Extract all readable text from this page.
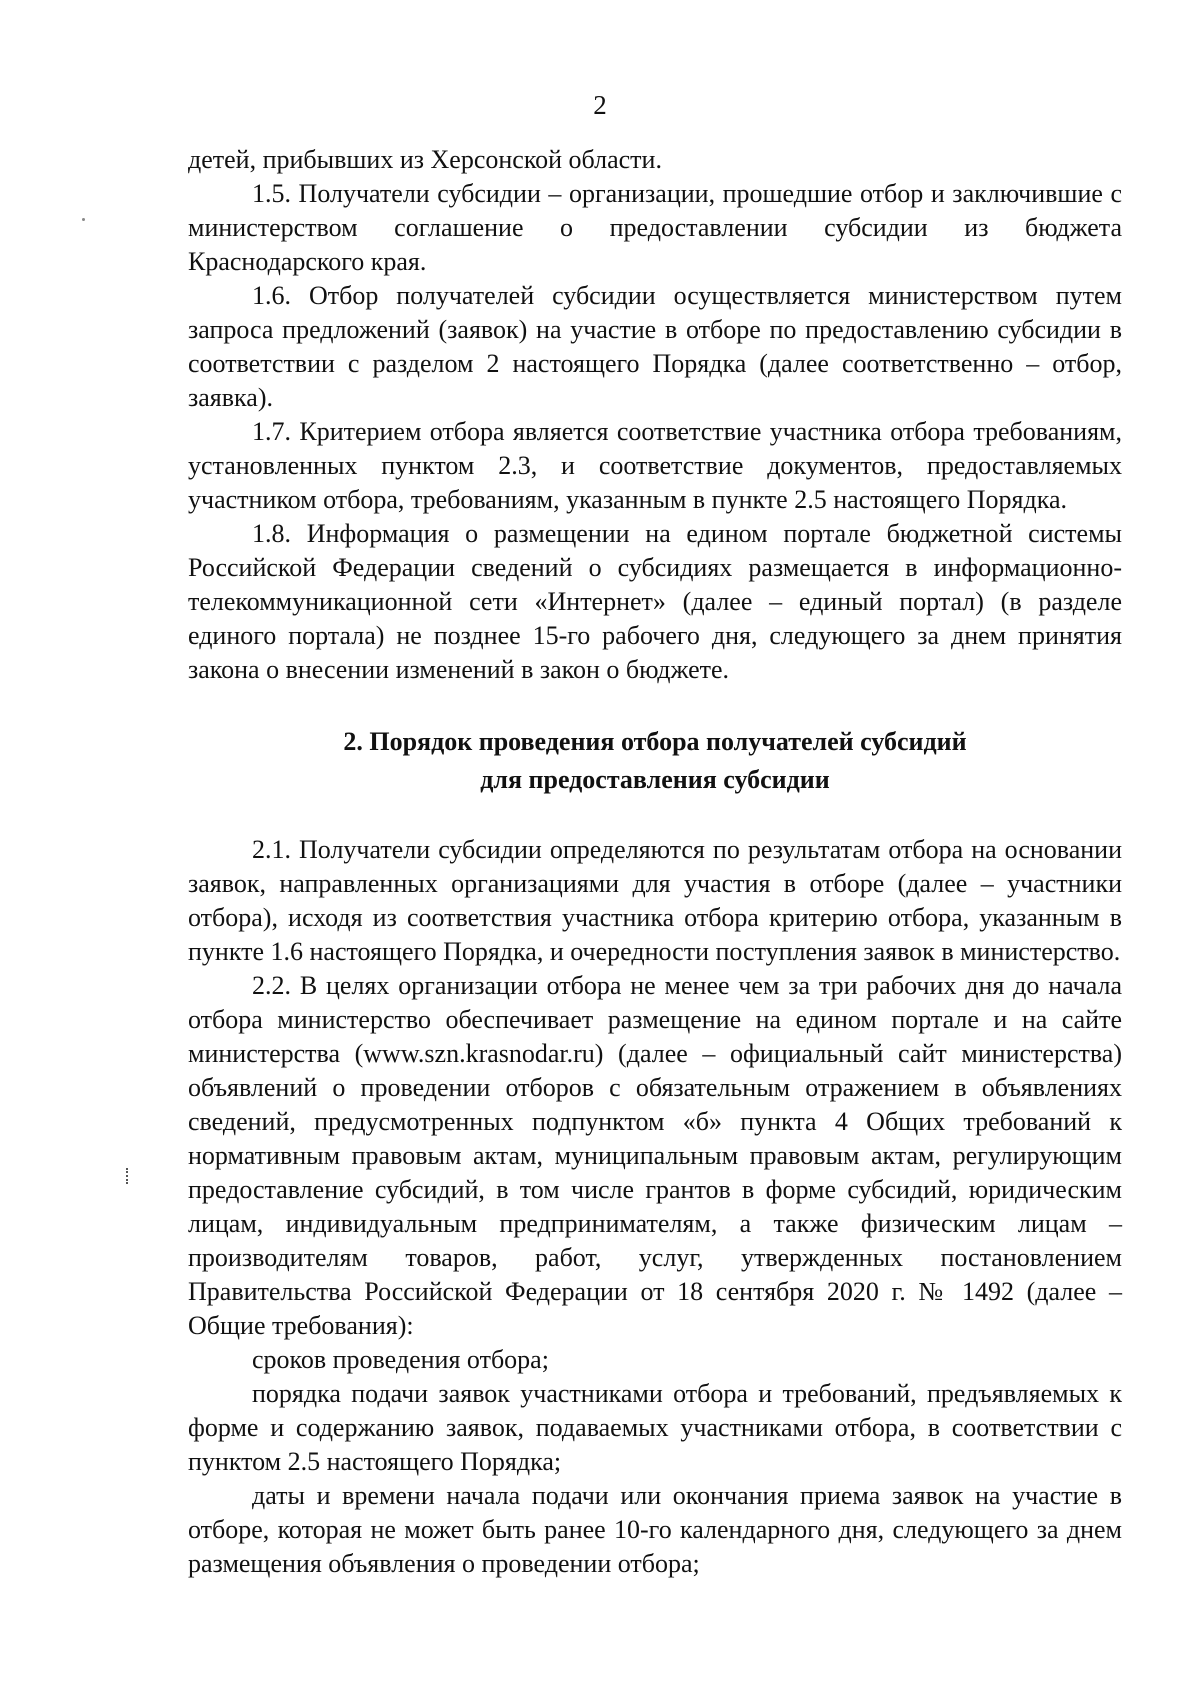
2

детей, прибывших из Херсонской области.

1.5. Получатели субсидии – организации, прошедшие отбор и заключившие с министерством соглашение о предоставлении субсидии из бюджета Краснодарского края.

1.6. Отбор получателей субсидии осуществляется министерством путем запроса предложений (заявок) на участие в отборе по предоставлению субсидии в соответствии с разделом 2 настоящего Порядка (далее соответственно – отбор, заявка).

1.7. Критерием отбора является соответствие участника отбора требованиям, установленных пунктом 2.3, и соответствие документов, предоставляемых участником отбора, требованиям, указанным в пункте 2.5 настоящего Порядка.

1.8. Информация о размещении на едином портале бюджетной системы Российской Федерации сведений о субсидиях размещается в информационно-телекоммуникационной сети «Интернет» (далее – единый портал) (в разделе единого портала) не позднее 15-го рабочего дня, следующего за днем принятия закона о внесении изменений в закон о бюджете.

2. Порядок проведения отбора получателей субсидий
для предоставления субсидии

2.1. Получатели субсидии определяются по результатам отбора на основании заявок, направленных организациями для участия в отборе (далее – участники отбора), исходя из соответствия участника отбора критерию отбора, указанным в пункте 1.6 настоящего Порядка, и очередности поступления заявок в министерство.

2.2. В целях организации отбора не менее чем за три рабочих дня до начала отбора министерство обеспечивает размещение на едином портале и на сайте министерства (www.szn.krasnodar.ru) (далее – официальный сайт министерства) объявлений о проведении отборов с обязательным отражением в объявлениях сведений, предусмотренных подпунктом «б» пункта 4 Общих требований к нормативным правовым актам, муниципальным правовым актам, регулирующим предоставление субсидий, в том числе грантов в форме субсидий, юридическим лицам, индивидуальным предпринимателям, а также физическим лицам – производителям товаров, работ, услуг, утвержденных постановлением Правительства Российской Федерации от 18 сентября 2020 г. № 1492 (далее – Общие требования):

сроков проведения отбора;

порядка подачи заявок участниками отбора и требований, предъявляемых к форме и содержанию заявок, подаваемых участниками отбора, в соответствии с пунктом 2.5 настоящего Порядка;

даты и времени начала подачи или окончания приема заявок на участие в отборе, которая не может быть ранее 10-го календарного дня, следующего за днем размещения объявления о проведении отбора;
